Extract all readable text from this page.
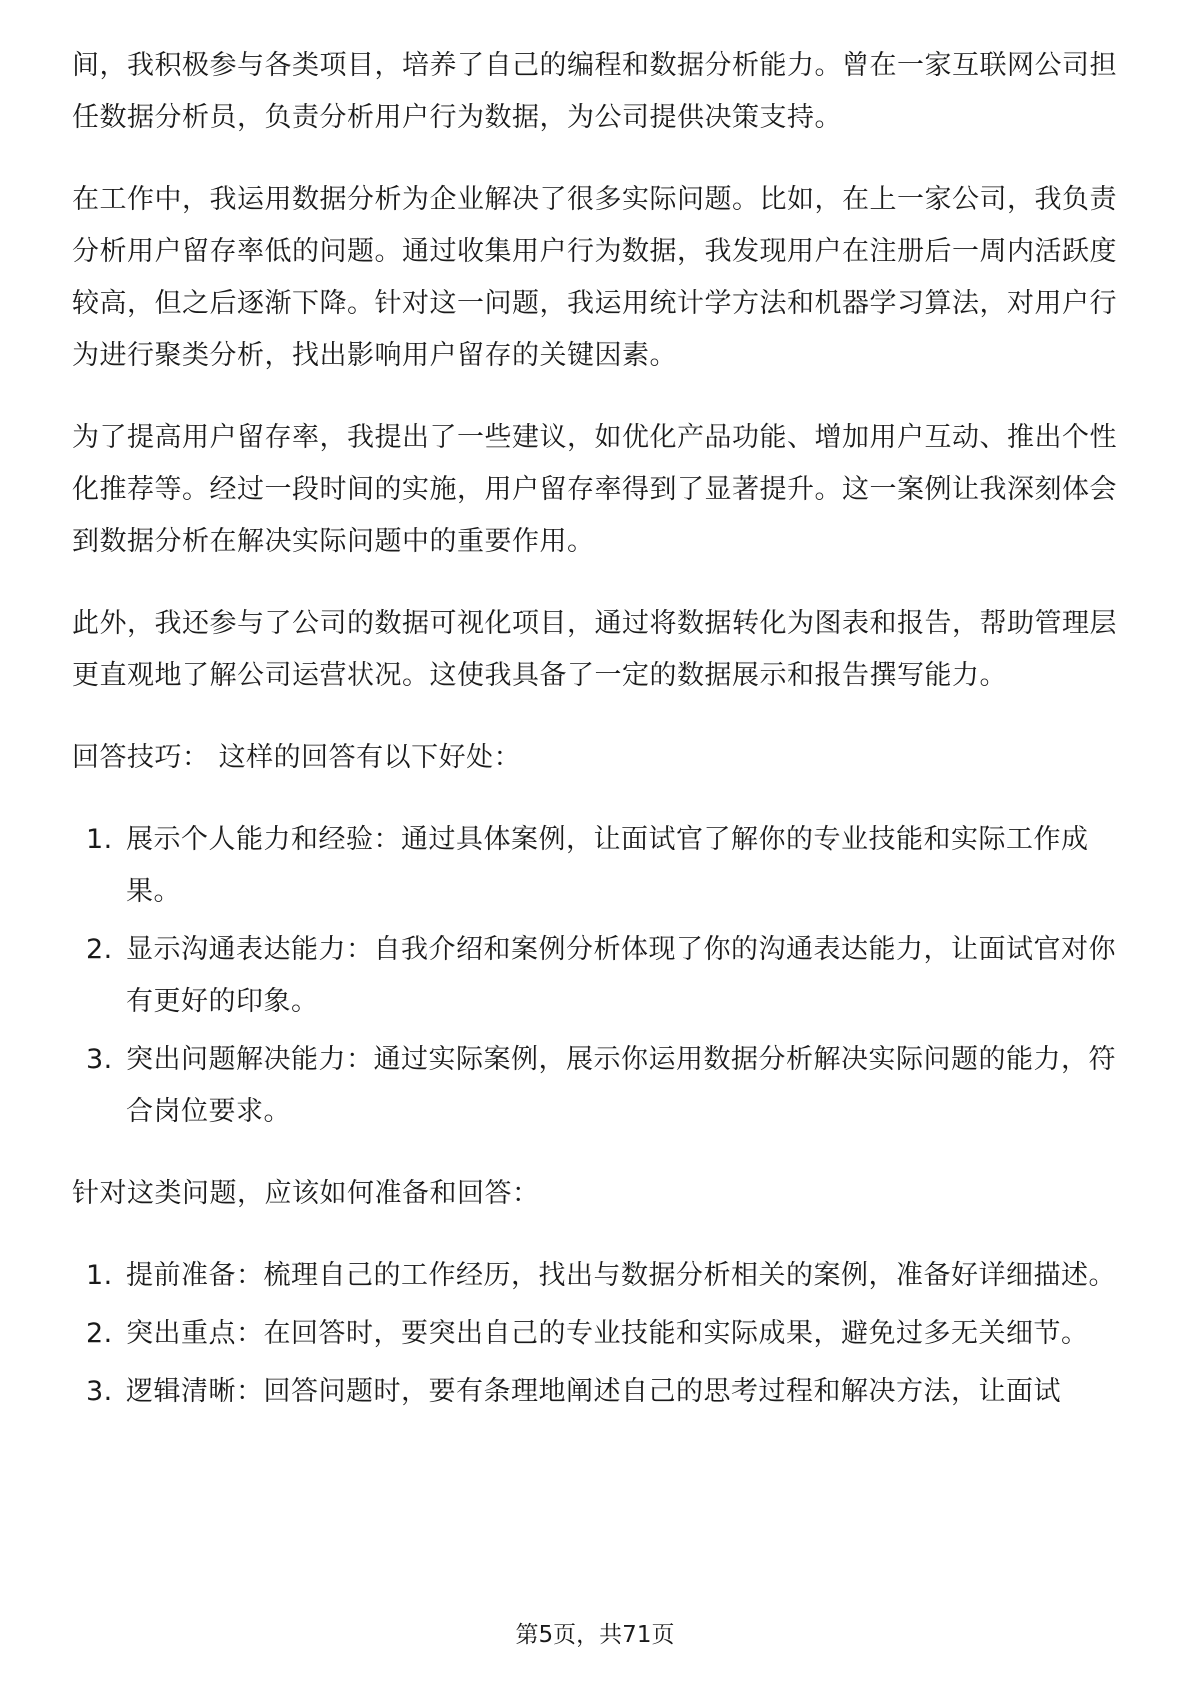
间，我积极参与各类项目，培养了自己的编程和数据分析能力。曾在一家互联网公司担任数据分析员，负责分析用户行为数据，为公司提供决策支持。

在工作中，我运用数据分析为企业解决了很多实际问题。比如，在上一家公司，我负责分析用户留存率低的问题。通过收集用户行为数据，我发现用户在注册后一周内活跃度较高，但之后逐渐下降。针对这一问题，我运用统计学方法和机器学习算法，对用户行为进行聚类分析，找出影响用户留存的关键因素。

为了提高用户留存率，我提出了一些建议，如优化产品功能、增加用户互动、推出个性化推荐等。经过一段时间的实施，用户留存率得到了显著提升。这一案例让我深刻体会到数据分析在解决实际问题中的重要作用。

此外，我还参与了公司的数据可视化项目，通过将数据转化为图表和报告，帮助管理层更直观地了解公司运营状况。这使我具备了一定的数据展示和报告撰写能力。

回答技巧： 这样的回答有以下好处：

1. 展示个人能力和经验：通过具体案例，让面试官了解你的专业技能和实际工作成果。
2. 显示沟通表达能力：自我介绍和案例分析体现了你的沟通表达能力，让面试官对你有更好的印象。
3. 突出问题解决能力：通过实际案例，展示你运用数据分析解决实际问题的能力，符合岗位要求。

针对这类问题，应该如何准备和回答：

1. 提前准备：梳理自己的工作经历，找出与数据分析相关的案例，准备好详细描述。
2. 突出重点：在回答时，要突出自己的专业技能和实际成果，避免过多无关细节。
3. 逻辑清晰：回答问题时，要有条理地阐述自己的思考过程和解决方法，让面试
第5页，共71页
